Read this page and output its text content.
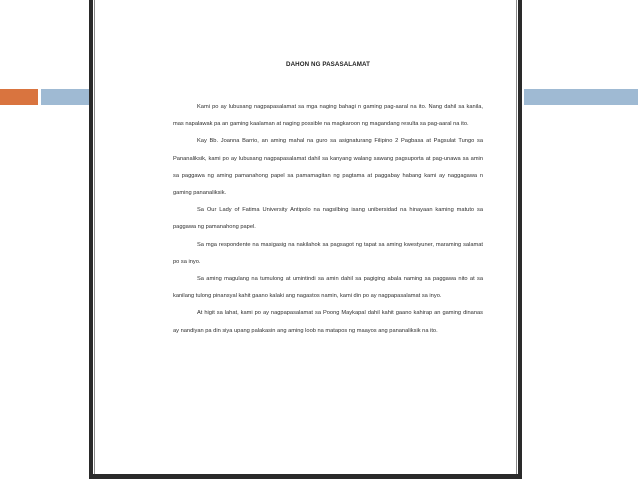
DAHON NG PASASALAMAT

Kami po ay lubusang nagpapasalamat sa mga naging bahagi n gaming pag-aaral na ito. Nang dahil sa kanila, mas napalawak pa an gaming kaalaman at naging possible na magkaroon ng magandang resulta sa pag-aaral na ito.

Kay Bb. Joanna Barrio, an aming mahal na guro sa asignaturang Filipino 2 Pagbasa at Pagsulat Tungo sa Pananaliksik, kami po ay lubusang nagpapasalamat dahil sa kanyang walang sawang pagsuporta at pag-unawa sa amin sa paggawa ng aming pamanahong papel sa pamamagitan ng pagtama at paggabay habang kami ay naggagawa n gaming pananaliksik.

Sa Our Lady of Fatima University Antipolo na nagsilbing isang unibersidad na hinayaan kaming matuto sa paggawa ng pamanahong papel.

Sa mga respondente na masigasig na nakilahok sa pagsagot ng tapat sa aming kwestyuner, maraming salamat po sa inyo.

Sa aming magulang na tumulong at umintindi sa amin dahil sa pagiging abala naming sa paggawa nito at sa kanilang tulong pinansyal kahit gaano kalaki ang nagastos namin, kami din po ay nagpapasalamat sa inyo.

At higit sa lahat, kami po ay nagpapasalamat sa Poong Maykapal dahil kahit gaano kahirap an gaming dinanas ay nandiyan pa din siya upang palakasin ang aming loob na matapos ng maayos ang pananaliksik na ito.
